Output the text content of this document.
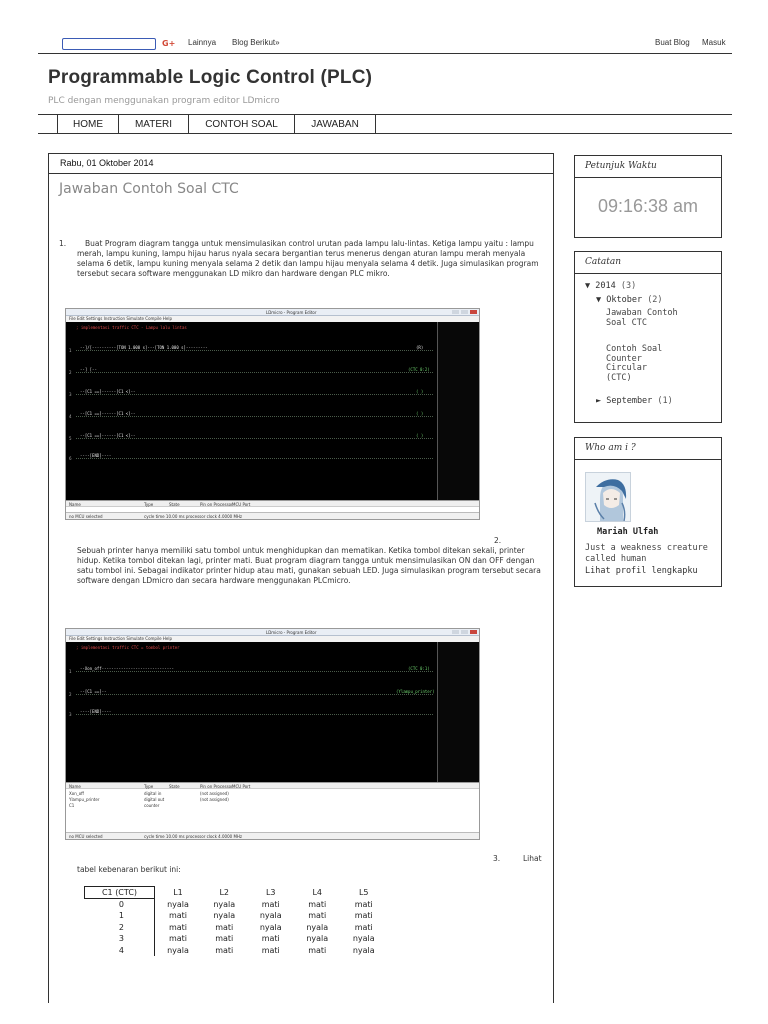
G+ Lainnya Blog Berikut»	Buat Blog Masuk
Programmable Logic Control (PLC)
PLC dengan menggunakan program editor LDmicro
HOME	MATERI	CONTOH SOAL	JAWABAN
Rabu, 01 Oktober 2014
Jawaban Contoh Soal CTC
1.	Buat Program diagram tangga untuk mensimulasikan control urutan pada lampu lalu-lintas. Ketiga lampu yaitu : lampu merah, lampu kuning, lampu hijau harus nyala secara bergantian terus menerus dengan aturan lampu merah menyala selama 6 detik, lampu kuning menyala selama 2 detik dan lampu hijau menyala selama 4 detik. Juga simulasikan program tersebut secara software menggunakan LD mikro dan hardware dengan PLC mikro.
LDmicro - Program Editor
File Edit Settings Instruction Simulate Compile Help
; implementasi traffic CTC - Lampu lalu lintas
1
--]/[----------[TON 1.000 s]---[TON 1.000 s]---------	(R)
2
--] [--	(CTC 0:2)
3
--[C1 ==]------[C1 <]--	( )
4
--[C1 ==]------[C1 <]--	( )
5
--[C1 ==]------[C1 <]--	( )
6
----[END]----
Name	Type	State	Pin on Processor MCU Port
no MCU selected	cycle time 10.00 ms processor clock 4.0000 MHz
2.
Sebuah printer hanya memiliki satu tombol untuk menghidupkan dan mematikan. Ketika tombol ditekan sekali, printer hidup. Ketika tombol ditekan lagi, printer mati. Buat program diagram tangga untuk mensimulasikan ON dan OFF dengan satu tombol ini. Sebagai indikator printer hidup atau mati, gunakan sebuah LED. Juga simulasikan program tersebut secara software dengan LDmicro dan secara hardware menggunakan PLCmicro.
LDmicro - Program Editor
File Edit Settings Instruction Simulate Compile Help
; implementasi traffic CTC = tombol printer
1
--Xon_off------------------------------	(CTC 0:1)
2
--[C1 ==]--	(Ylampu_printer)
3
----[END]----
Name	Type	State	Pin on Processor MCU Port
Xon_off	digital in	(not assigned)
Ylampu_printer	digital out	(not assigned)
C1	counter
no MCU selected	cycle time 10.00 ms processor clock 4.0000 MHz
3.	Lihat
tabel kebenaran berikut ini:
C1 (CTC)	L1	L2	L3	L4	L5
0	nyala	nyala	mati	mati	mati
1	mati	nyala	nyala	mati	mati
2	mati	mati	nyala	nyala	mati
3	mati	mati	mati	nyala	nyala
4	nyala	mati	mati	mati	nyala
Petunjuk Waktu
09:16:38 am
Catatan
▼ 2014 (3)
▼ Oktober (2)
Jawaban Contoh Soal CTC
Contoh Soal Counter Circular (CTC)
► September (1)
Who am i ?
Mariah Ulfah
Just a weakness creature called human
Lihat profil lengkapku
